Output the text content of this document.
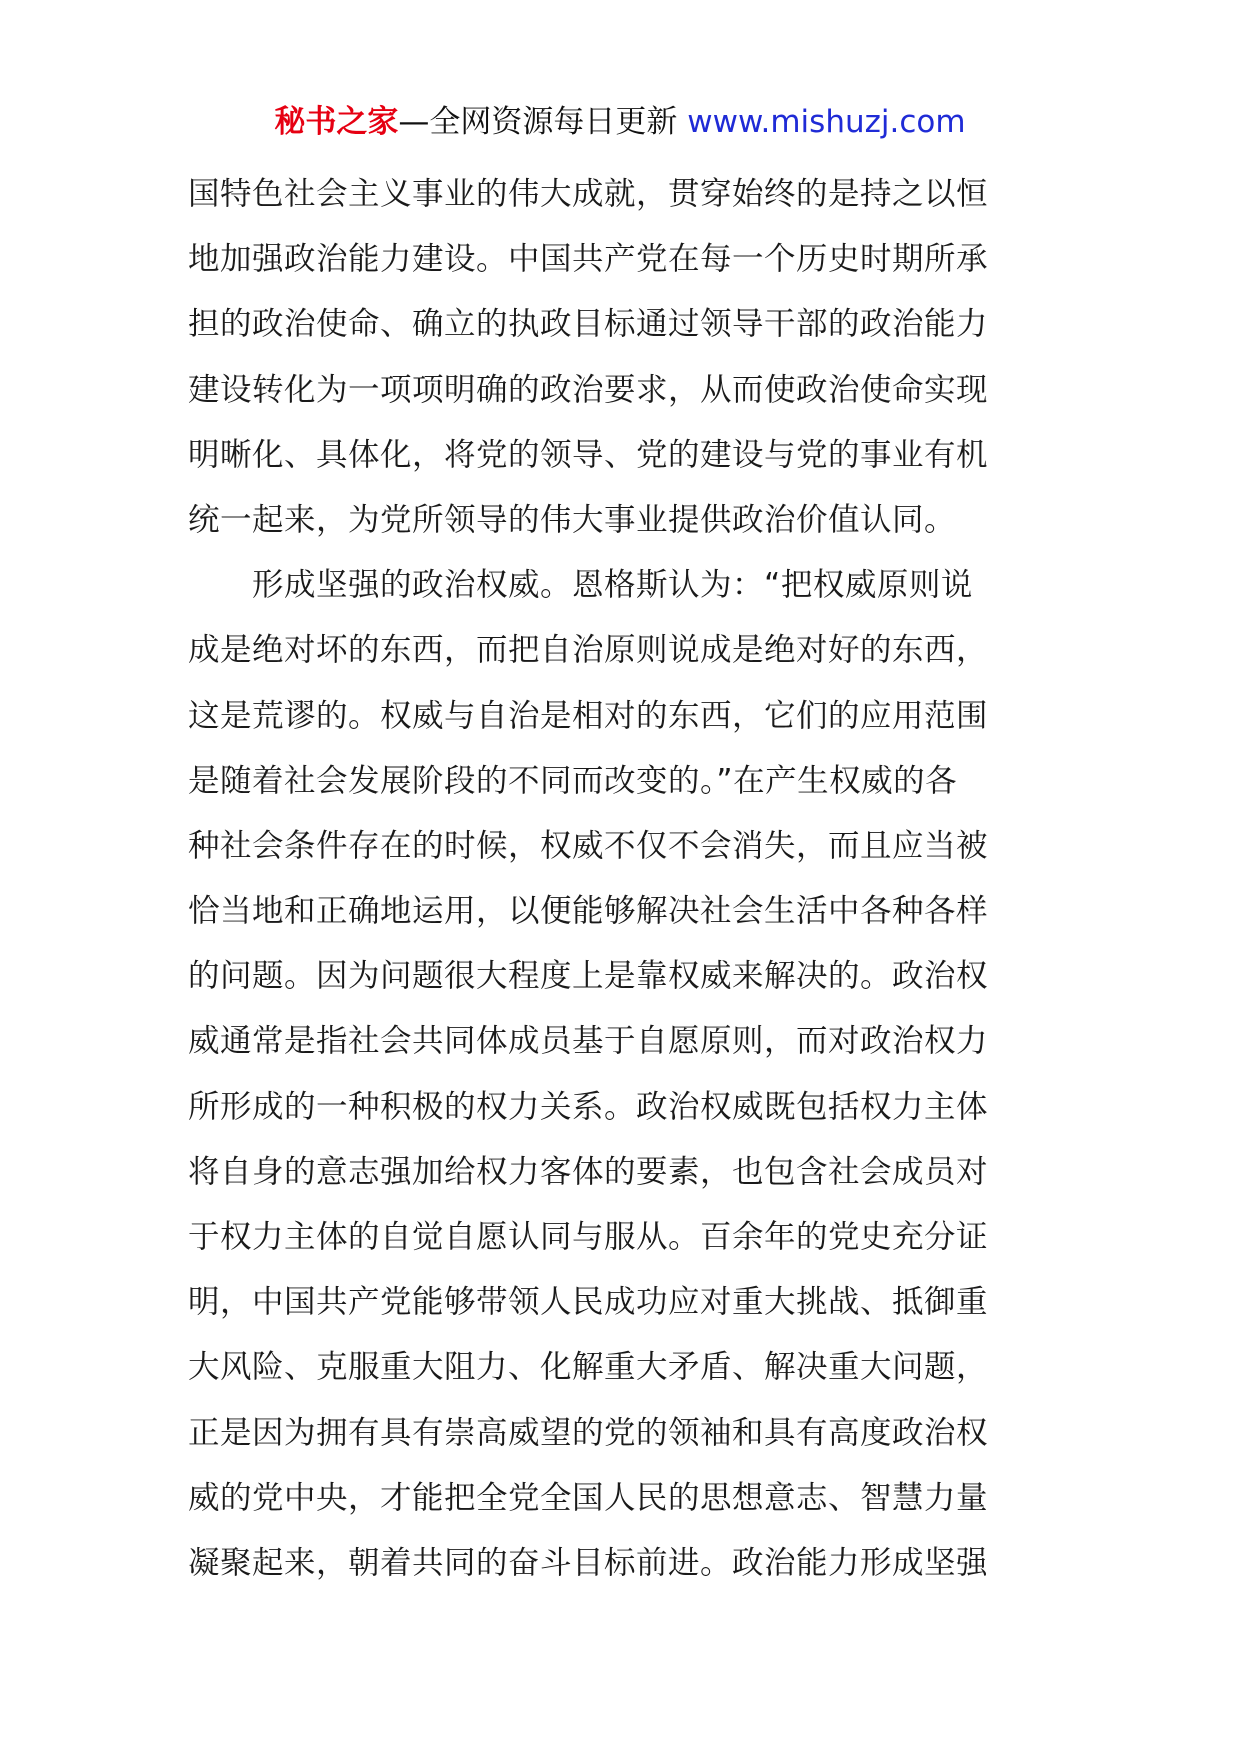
秘书之家—全网资源每日更新 www.mishuzj.com
国特色社会主义事业的伟大成就，贯穿始终的是持之以恒
地加强政治能力建设。中国共产党在每一个历史时期所承
担的政治使命、确立的执政目标通过领导干部的政治能力
建设转化为一项项明确的政治要求，从而使政治使命实现
明晰化、具体化，将党的领导、党的建设与党的事业有机
统一起来，为党所领导的伟大事业提供政治价值认同。
形成坚强的政治权威。恩格斯认为：“把权威原则说
成是绝对坏的东西，而把自治原则说成是绝对好的东西，
这是荒谬的。权威与自治是相对的东西，它们的应用范围
是随着社会发展阶段的不同而改变的。”在产生权威的各
种社会条件存在的时候，权威不仅不会消失，而且应当被
恰当地和正确地运用，以便能够解决社会生活中各种各样
的问题。因为问题很大程度上是靠权威来解决的。政治权
威通常是指社会共同体成员基于自愿原则，而对政治权力
所形成的一种积极的权力关系。政治权威既包括权力主体
将自身的意志强加给权力客体的要素，也包含社会成员对
于权力主体的自觉自愿认同与服从。百余年的党史充分证
明，中国共产党能够带领人民成功应对重大挑战、抵御重
大风险、克服重大阻力、化解重大矛盾、解决重大问题，
正是因为拥有具有崇高威望的党的领袖和具有高度政治权
威的党中央，才能把全党全国人民的思想意志、智慧力量
凝聚起来，朝着共同的奋斗目标前进。政治能力形成坚强
